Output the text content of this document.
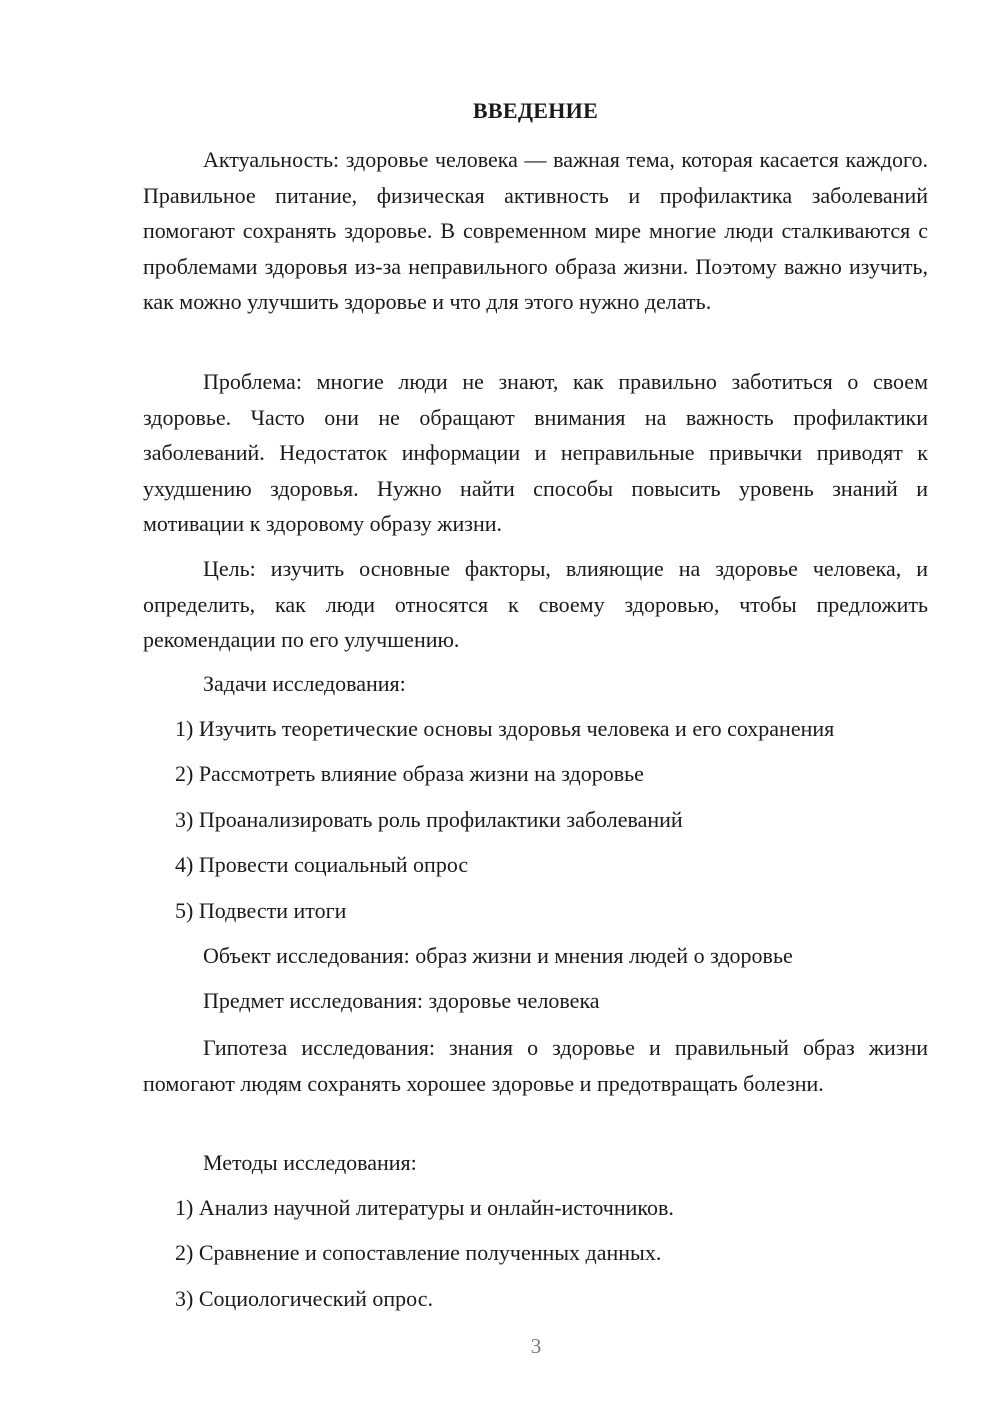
ВВЕДЕНИЕ

Актуальность: здоровье человека — важная тема, которая касается каждого. Правильное питание, физическая активность и профилактика заболеваний помогают сохранять здоровье. В современном мире многие люди сталкиваются с проблемами здоровья из-за неправильного образа жизни. Поэтому важно изучить, как можно улучшить здоровье и что для этого нужно делать.

Проблема: многие люди не знают, как правильно заботиться о своем здоровье. Часто они не обращают внимания на важность профилактики заболеваний. Недостаток информации и неправильные привычки приводят к ухудшению здоровья. Нужно найти способы повысить уровень знаний и мотивации к здоровому образу жизни.

Цель: изучить основные факторы, влияющие на здоровье человека, и определить, как люди относятся к своему здоровью, чтобы предложить рекомендации по его улучшению.

Задачи исследования:

1) Изучить теоретические основы здоровья человека и его сохранения

2) Рассмотреть влияние образа жизни на здоровье

3) Проанализировать роль профилактики заболеваний

4) Провести социальный опрос

5) Подвести итоги

Объект исследования: образ жизни и мнения людей о здоровье

Предмет исследования: здоровье человека

Гипотеза исследования: знания о здоровье и правильный образ жизни помогают людям сохранять хорошее здоровье и предотвращать болезни.

Методы исследования:

1) Анализ научной литературы и онлайн-источников.

2) Сравнение и сопоставление полученных данных.

3) Социологический опрос.

3
